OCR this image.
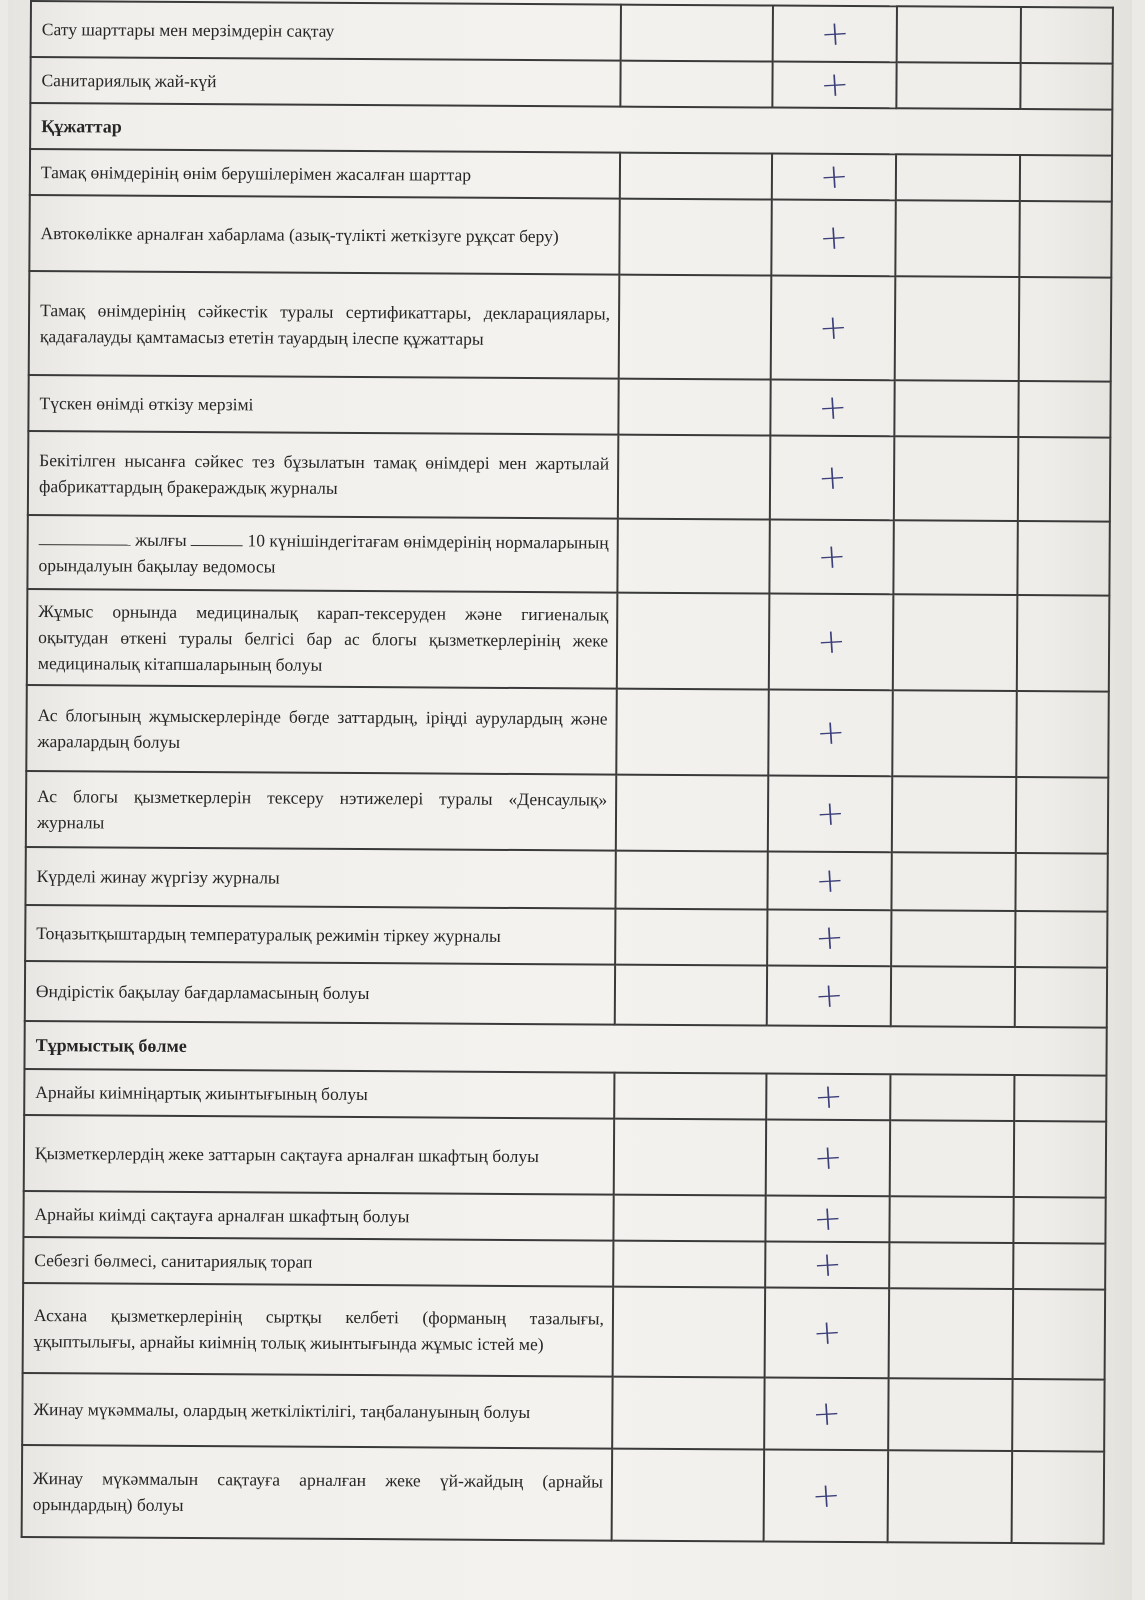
Сату шарттары мен мерзімдерін сақтау		+		
Санитариялық жай-күй		+		
Құжаттар				
Тамақ өнімдерінің өнім берушілерімен жасалған шарттар		+		
Автокөлікке арналған хабарлама (азық-түлікті жеткізуге рұқсат беру)		+		
Тамақ өнімдерінің сәйкестік туралы сертификаттары, декларациялары, қадағалауды қамтамасыз ететін тауардың ілеспе құжаттары		+		
Түскен өнімді өткізу мерзімі		+		
Бекітілген нысанға сәйкес тез бұзылатын тамақ өнімдері мен жартылай фабрикаттардың бракераждық журналы		+		
жылғы 10 күнішіндегітағам өнімдерінің нормаларының орындалуын бақылау ведомосы		+		
Жұмыс орнында медициналық карап-тексеруден және гигиеналық оқытудан өткені туралы белгісі бар ас блогы қызметкерлерінің жеке медициналық кітапшаларының болуы		+		
Ас блогының жұмыскерлерінде бөгде заттардың, іріңді аурулардың және жаралардың болуы		+		
Ас блогы қызметкерлерін тексеру нэтижелері туралы «Денсаулық» журналы		+		
Күрделі жинау жүргізу журналы		+		
Тоңазытқыштардың температуралық режимін тіркеу журналы		+		
Өндірістік бақылау бағдарламасының болуы		+		
Тұрмыстық бөлме				
Арнайы киімніңартық жиынтығының болуы		+		
Қызметкерлердің жеке заттарын сақтауға арналған шкафтың болуы		+		
Арнайы киімді сақтауға арналған шкафтың болуы		+		
Себезгі бөлмесі, санитариялық торап		+		
Асхана қызметкерлерінің сыртқы келбеті (форманың тазалығы, ұқыптылығы, арнайы киімнің толық жиынтығында жұмыс істей ме)		+		
Жинау мүкәммалы, олардың жеткіліктілігі, таңбалануының болуы		+		
Жинау мүкәммалын сақтауға арналған жеке үй-жайдың (арнайы орындардың) болуы		+		
